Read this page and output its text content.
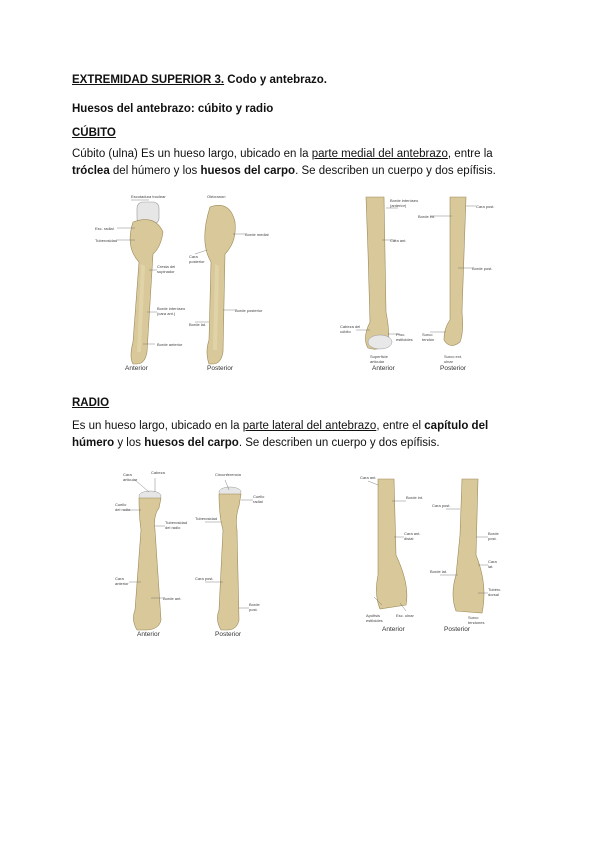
EXTREMIDAD SUPERIOR 3. Codo y antebrazo.
Huesos del antebrazo: cúbito y radio
CÚBITO

Cúbito (ulna) Es un hueso largo, ubicado en la parte medial del antebrazo, entre la tróclea del húmero y los huesos del carpo. Se describen un cuerpo y dos epífisis.

Escotadura troclear
Esc. radial
Tuberosidad
Cresta del
supinador
Borde interóseo
(cara ant.)
Borde anterior
Olécranon
Borde medial
Cara
posterior
Borde posterior
Borde lat.
Anterior	Posterior
Borde interóseo
(anterior)
Cara ant.
Cabeza del
cúbito
Proc.
estiloides
Superficie
articular
Cara post.
Borde int.
Borde post.
Surco
tendón
Surco ext.
ulnar
Anterior	Posterior
RADIO

Es un hueso largo, ubicado en la parte lateral del antebrazo, entre el capítulo del húmero y los huesos del carpo. Se describen un cuerpo y dos epífisis.

Cara
articular
Cabeza
Cuello
del radio
Tuberosidad
del radio
Cara
anterior
Borde ant.
Circunferencia
Cuello
radial
Tuberosidad
Cara post.
Borde
post.
Anterior	Posterior
Cara ant.
Borde int.
Cara ant.
distal
Apófisis
estiloides
Esc. ulnar
Cara post.
Borde
post.
Cara
lat.
Borde lat.
Tubérc.
dorsal
Surco
tendones
Anterior	Posterior
